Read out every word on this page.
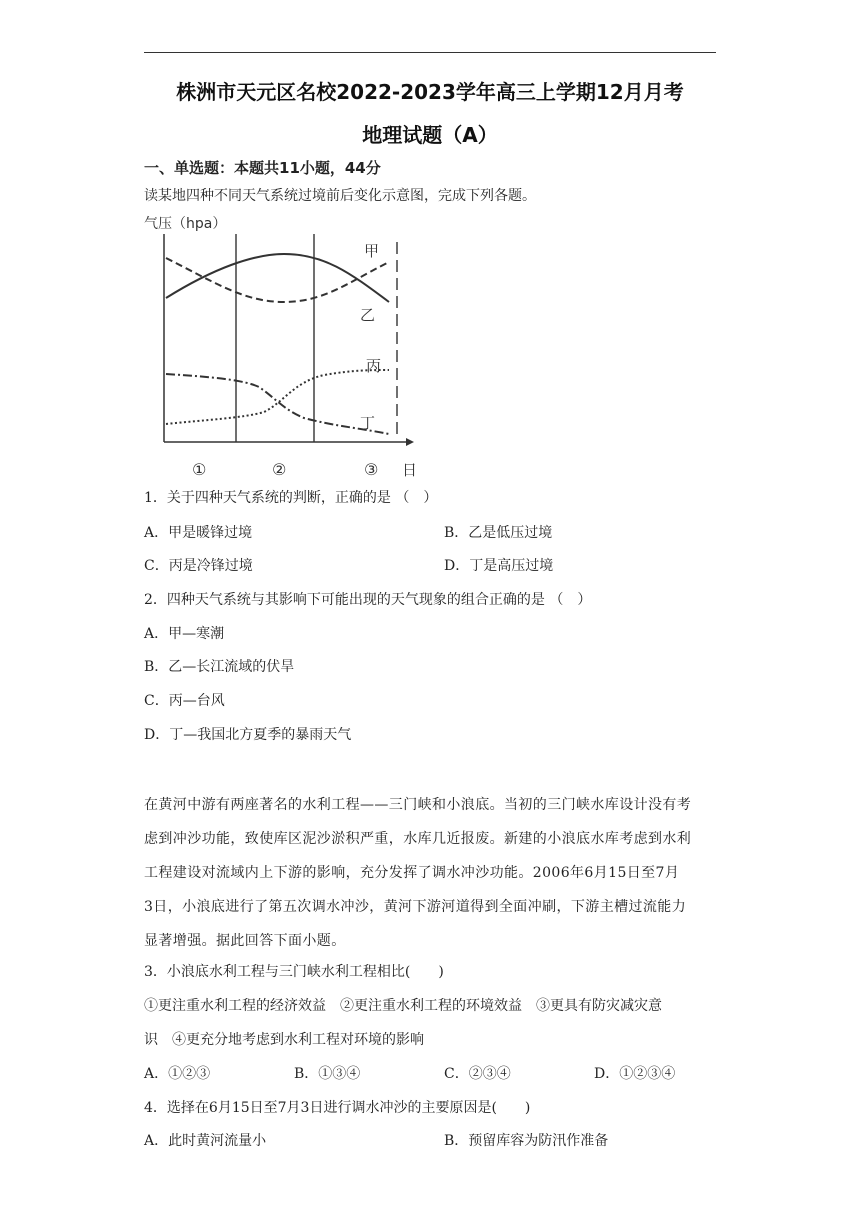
株洲市天元区名校2022-2023学年高三上学期12月月考
地理试题（A）
一、单选题：本题共11小题，44分
读某地四种不同天气系统过境前后变化示意图，完成下列各题。
气压（hpa）
甲
乙
丙
丁
①	②	③ 日
1．关于四种天气系统的判断，正确的是 （　）
A．甲是暖锋过境	B．乙是低压过境
C．丙是冷锋过境	D．丁是高压过境
2．四种天气系统与其影响下可能出现的天气现象的组合正确的是 （　）
A．甲—寒潮
B．乙—长江流域的伏旱
C．丙—台风
D．丁—我国北方夏季的暴雨天气
在黄河中游有两座著名的水利工程——三门峡和小浪底。当初的三门峡水库设计没有考
虑到冲沙功能，致使库区泥沙淤积严重，水库几近报废。新建的小浪底水库考虑到水利
工程建设对流域内上下游的影响，充分发挥了调水冲沙功能。2006年6月15日至7月
3日，小浪底进行了第五次调水冲沙，黄河下游河道得到全面冲刷，下游主槽过流能力
显著增强。据此回答下面小题。
3．小浪底水利工程与三门峡水利工程相比(　　)
①更注重水利工程的经济效益　②更注重水利工程的环境效益　③更具有防灾减灾意
识　④更充分地考虑到水利工程对环境的影响
A．①②③	B．①③④	C．②③④	D．①②③④
4．选择在6月15日至7月3日进行调水冲沙的主要原因是(　　)
A．此时黄河流量小	B．预留库容为防汛作准备
